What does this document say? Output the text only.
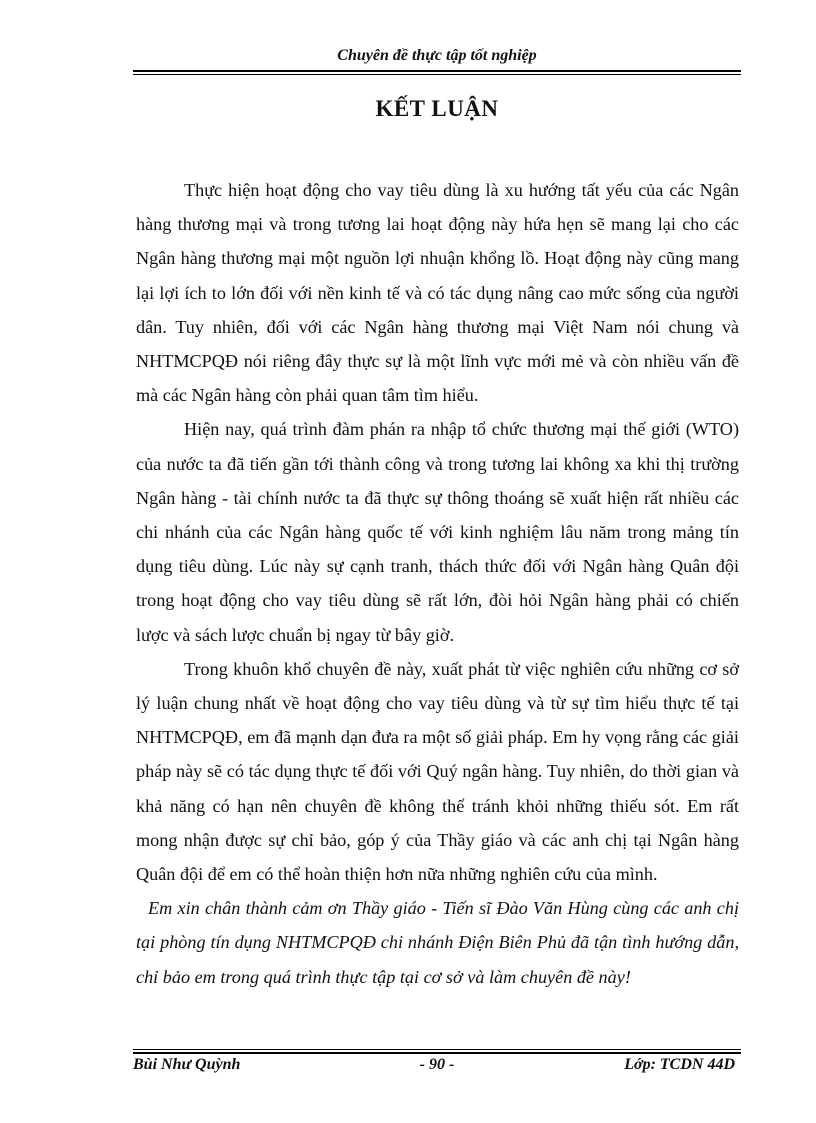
Chuyên đề thực tập tốt nghiệp
KẾT LUẬN

Thực hiện hoạt động cho vay tiêu dùng là xu hướng tất yếu của các Ngân hàng thương mại và trong tương lai hoạt động này hứa hẹn sẽ mang lại cho các Ngân hàng thương mại một nguồn lợi nhuận khổng lồ. Hoạt động này cũng mang lại lợi ích to lớn đối với nền kinh tế và có tác dụng nâng cao mức sống của người dân. Tuy nhiên, đối với các Ngân hàng thương mại Việt Nam nói chung và NHTMCPQĐ nói riêng đây thực sự là một lĩnh vực mới mẻ và còn nhiều vấn đề mà các Ngân hàng còn phải quan tâm tìm hiểu.

Hiện nay, quá trình đàm phán ra nhập tổ chức thương mại thế giới (WTO) của nước ta đã tiến gần tới thành công và trong tương lai không xa khi thị trường Ngân hàng - tài chính nước ta đã thực sự thông thoáng sẽ xuất hiện rất nhiều các chi nhánh của các Ngân hàng quốc tế với kinh nghiệm lâu năm trong mảng tín dụng tiêu dùng. Lúc này sự cạnh tranh, thách thức đối với Ngân hàng Quân đội trong hoạt động cho vay tiêu dùng sẽ rất lớn, đòi hỏi Ngân hàng phải có chiến lược và sách lược chuẩn bị ngay từ bây giờ.

Trong khuôn khổ chuyên đề này, xuất phát từ việc nghiên cứu những cơ sở lý luận chung nhất về hoạt động cho vay tiêu dùng và từ sự tìm hiểu thực tế tại NHTMCPQĐ, em đã mạnh dạn đưa ra một số giải pháp. Em hy vọng rằng các giải pháp này sẽ có tác dụng thực tế đối với Quý ngân hàng. Tuy nhiên, do thời gian và khả năng có hạn nên chuyên đề không thể tránh khỏi những thiếu sót. Em rất mong nhận được sự chỉ bảo, góp ý của Thầy giáo và các anh chị tại Ngân hàng Quân đội để em có thể hoàn thiện hơn nữa những nghiên cứu của mình.

Em xin chân thành cảm ơn Thầy giáo - Tiến sĩ Đào Văn Hùng cùng các anh chị tại phòng tín dụng NHTMCPQĐ chi nhánh Điện Biên Phủ đã tận tình hướng dẫn, chỉ bảo em trong quá trình thực tập tại cơ sở và làm chuyên đề này!

Bùi Như Quỳnh	- 90 -	Lớp: TCDN 44D
